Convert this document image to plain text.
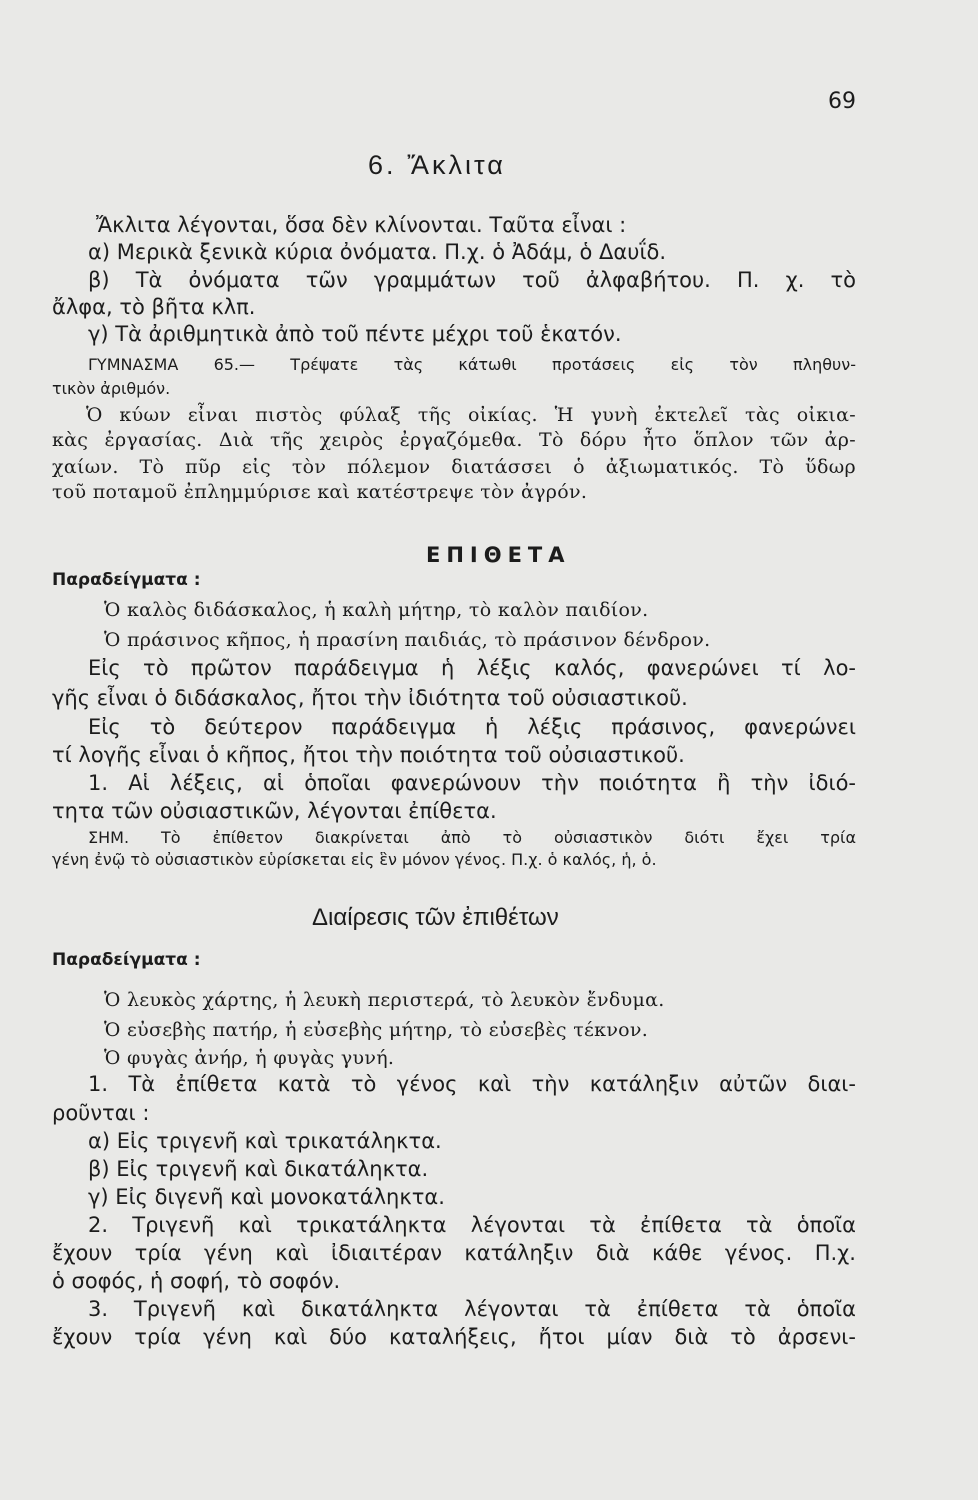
69
6. Ἄκλιτα
Ἄκλιτα λέγονται, ὅσα δὲν κλίνονται. Ταῦτα εἶναι :
α) Μερικὰ ξενικὰ κύρια ὀνόματα. Π.χ. ὁ Ἀδάμ, ὁ Δαυΐδ.
β) Τὰ ὀνόματα τῶν γραμμάτων τοῦ ἀλφαβήτου. Π. χ. τὸ
ἄλφα, τὸ βῆτα κλπ.
γ) Τὰ ἀριθμητικὰ ἀπὸ τοῦ πέντε μέχρι τοῦ ἑκατόν.
ΓΥΜΝΑΣΜΑ 65.— Τρέψατε τὰς κάτωθι προτάσεις εἰς τὸν πληθυν-
τικὸν ἀριθμόν.
Ὁ κύων εἶναι πιστὸς φύλαξ τῆς οἰκίας. Ἡ γυνὴ ἐκτελεῖ τὰς οἰκια-
κὰς ἐργασίας. Διὰ τῆς χειρὸς ἐργαζόμεθα. Τὸ δόρυ ἦτο ὅπλον τῶν ἀρ-
χαίων. Τὸ πῦρ εἰς τὸν πόλεμον διατάσσει ὁ ἀξιωματικός. Τὸ ὕδωρ
τοῦ ποταμοῦ ἐπλημμύρισε καὶ κατέστρεψε τὸν ἀγρόν.
ΕΠΙΘΕΤΑ
Παραδείγματα :
Ὁ καλὸς διδάσκαλος, ἡ καλὴ μήτηρ, τὸ καλὸν παιδίον.
Ὁ πράσινος κῆπος, ἡ πρασίνη παιδιάς, τὸ πράσινον δένδρον.
Εἰς τὸ πρῶτον παράδειγμα ἡ λέξις καλός, φανερώνει τί λο-
γῆς εἶναι ὁ διδάσκαλος, ἤτοι τὴν ἰδιότητα τοῦ οὐσιαστικοῦ.
Εἰς τὸ δεύτερον παράδειγμα ἡ λέξις πράσινος, φανερώνει
τί λογῆς εἶναι ὁ κῆπος, ἤτοι τὴν ποιότητα τοῦ οὐσιαστικοῦ.
1. Αἱ λέξεις, αἱ ὁποῖαι φανερώνουν τὴν ποιότητα ἢ τὴν ἰδιό-
τητα τῶν οὐσιαστικῶν, λέγονται ἐπίθετα.
ΣΗΜ. Τὸ ἐπίθετον διακρίνεται ἀπὸ τὸ οὐσιαστικὸν διότι ἔχει τρία
γένη ἐνῷ τὸ οὐσιαστικὸν εὑρίσκεται εἰς ἓν μόνον γένος. Π.χ. ὁ καλός, ἡ, ὁ.
Διαίρεσις τῶν ἐπιθέτων
Παραδείγματα :
Ὁ λευκὸς χάρτης, ἡ λευκὴ περιστερά, τὸ λευκὸν ἔνδυμα.
Ὁ εὐσεβὴς πατήρ, ἡ εὐσεβὴς μήτηρ, τὸ εὐσεβὲς τέκνον.
Ὁ φυγὰς ἀνήρ, ἡ φυγὰς γυνή.
1. Τὰ ἐπίθετα κατὰ τὸ γένος καὶ τὴν κατάληξιν αὐτῶν διαι-
ροῦνται :
α) Εἰς τριγενῆ καὶ τρικατάληκτα.
β) Εἰς τριγενῆ καὶ δικατάληκτα.
γ) Εἰς διγενῆ καὶ μονοκατάληκτα.
2. Τριγενῆ καὶ τρικατάληκτα λέγονται τὰ ἐπίθετα τὰ ὁποῖα
ἔχουν τρία γένη καὶ ἰδιαιτέραν κατάληξιν διὰ κάθε γένος. Π.χ.
ὁ σοφός, ἡ σοφή, τὸ σοφόν.
3. Τριγενῆ καὶ δικατάληκτα λέγονται τὰ ἐπίθετα τὰ ὁποῖα
ἔχουν τρία γένη καὶ δύο καταλήξεις, ἤτοι μίαν διὰ τὸ ἀρσενι-
